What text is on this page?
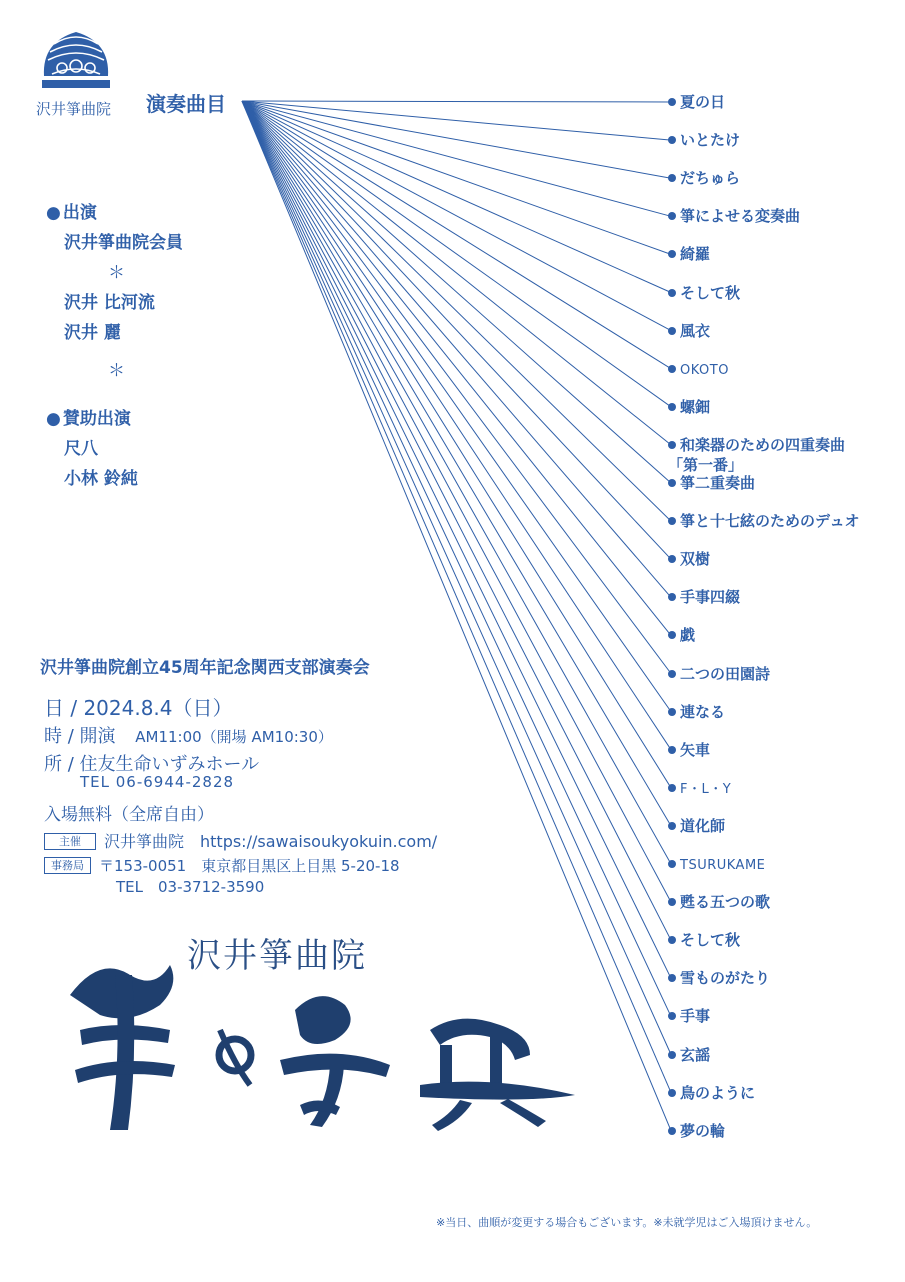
沢井箏曲院 演奏曲目	夏の日
いとたけ
だちゅら
箏によせる変奏曲
綺羅
そして秋
風衣
OKOTO
螺鈿
和楽器のための四重奏曲
「第一番」
箏二重奏曲
箏と十七絃のためのデュオ
双樹
手事四綴
戯
二つの田園詩
連なる
矢車
F・L・Y
道化師
TSURUKAME
甦る五つの歌
そして秋
雪ものがたり
手事
玄謡
鳥のように
夢の輪
● 出演
沢井箏曲院会員
＊
沢井 比河流
沢井 麗
＊
● 賛助出演
尺八
小林 鈴純
沢井箏曲院創立45周年記念関西支部演奏会
日 / 2024.8.4（日）
時 / 開演 AM11:00（開場 AM10:30）
所 / 住友生命いずみホール
TEL 06-6944-2828
入場無料（全席自由）
主催 沢井箏曲院　https://sawaisoukyokuin.com/
事務局 〒153-0051　東京都目黒区上目黒 5-20-18
TEL　03-3712-3590
沢井箏曲院
※当日、曲順が変更する場合もございます。※未就学児はご入場頂けません。
